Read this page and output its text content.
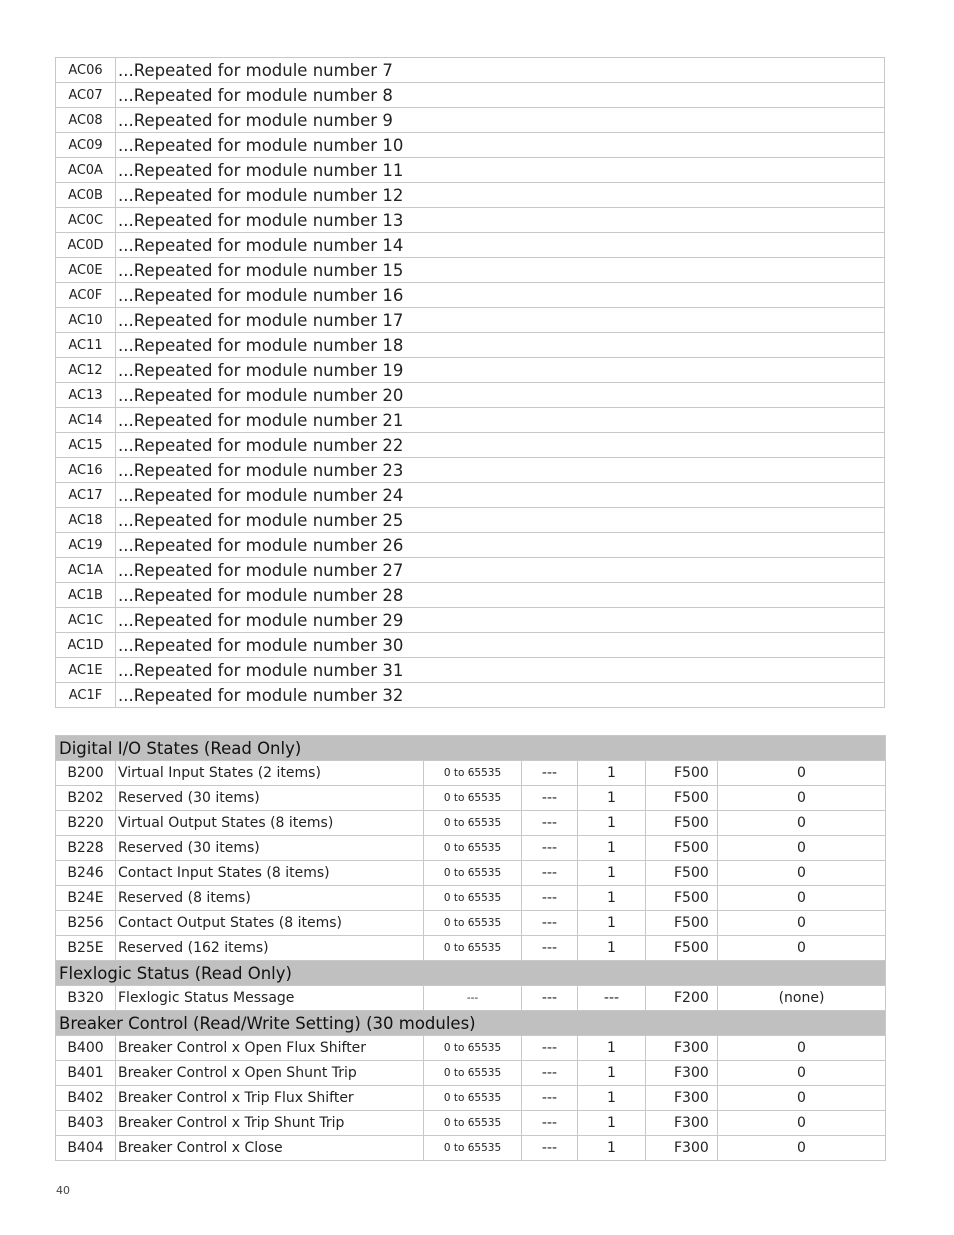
AC06	...Repeated for module number 7
AC07	...Repeated for module number 8
AC08	...Repeated for module number 9
AC09	...Repeated for module number 10
AC0A	...Repeated for module number 11
AC0B	...Repeated for module number 12
AC0C	...Repeated for module number 13
AC0D	...Repeated for module number 14
AC0E	...Repeated for module number 15
AC0F	...Repeated for module number 16
AC10	...Repeated for module number 17
AC11	...Repeated for module number 18
AC12	...Repeated for module number 19
AC13	...Repeated for module number 20
AC14	...Repeated for module number 21
AC15	...Repeated for module number 22
AC16	...Repeated for module number 23
AC17	...Repeated for module number 24
AC18	...Repeated for module number 25
AC19	...Repeated for module number 26
AC1A	...Repeated for module number 27
AC1B	...Repeated for module number 28
AC1C	...Repeated for module number 29
AC1D	...Repeated for module number 30
AC1E	...Repeated for module number 31
AC1F	...Repeated for module number 32
Digital I/O States (Read Only)						
B200	Virtual Input States (2 items)	0 to 65535	---	1	F500	0
B202	Reserved (30 items)	0 to 65535	---	1	F500	0
B220	Virtual Output States (8 items)	0 to 65535	---	1	F500	0
B228	Reserved (30 items)	0 to 65535	---	1	F500	0
B246	Contact Input States (8 items)	0 to 65535	---	1	F500	0
B24E	Reserved (8 items)	0 to 65535	---	1	F500	0
B256	Contact Output States (8 items)	0 to 65535	---	1	F500	0
B25E	Reserved (162 items)	0 to 65535	---	1	F500	0
Flexlogic Status (Read Only)						
B320	Flexlogic Status Message	---	---	---	F200	(none)
Breaker Control (Read/Write Setting) (30 modules)						
B400	Breaker Control x Open Flux Shifter	0 to 65535	---	1	F300	0
B401	Breaker Control x Open Shunt Trip	0 to 65535	---	1	F300	0
B402	Breaker Control x Trip Flux Shifter	0 to 65535	---	1	F300	0
B403	Breaker Control x Trip Shunt Trip	0 to 65535	---	1	F300	0
B404	Breaker Control x Close	0 to 65535	---	1	F300	0
40
